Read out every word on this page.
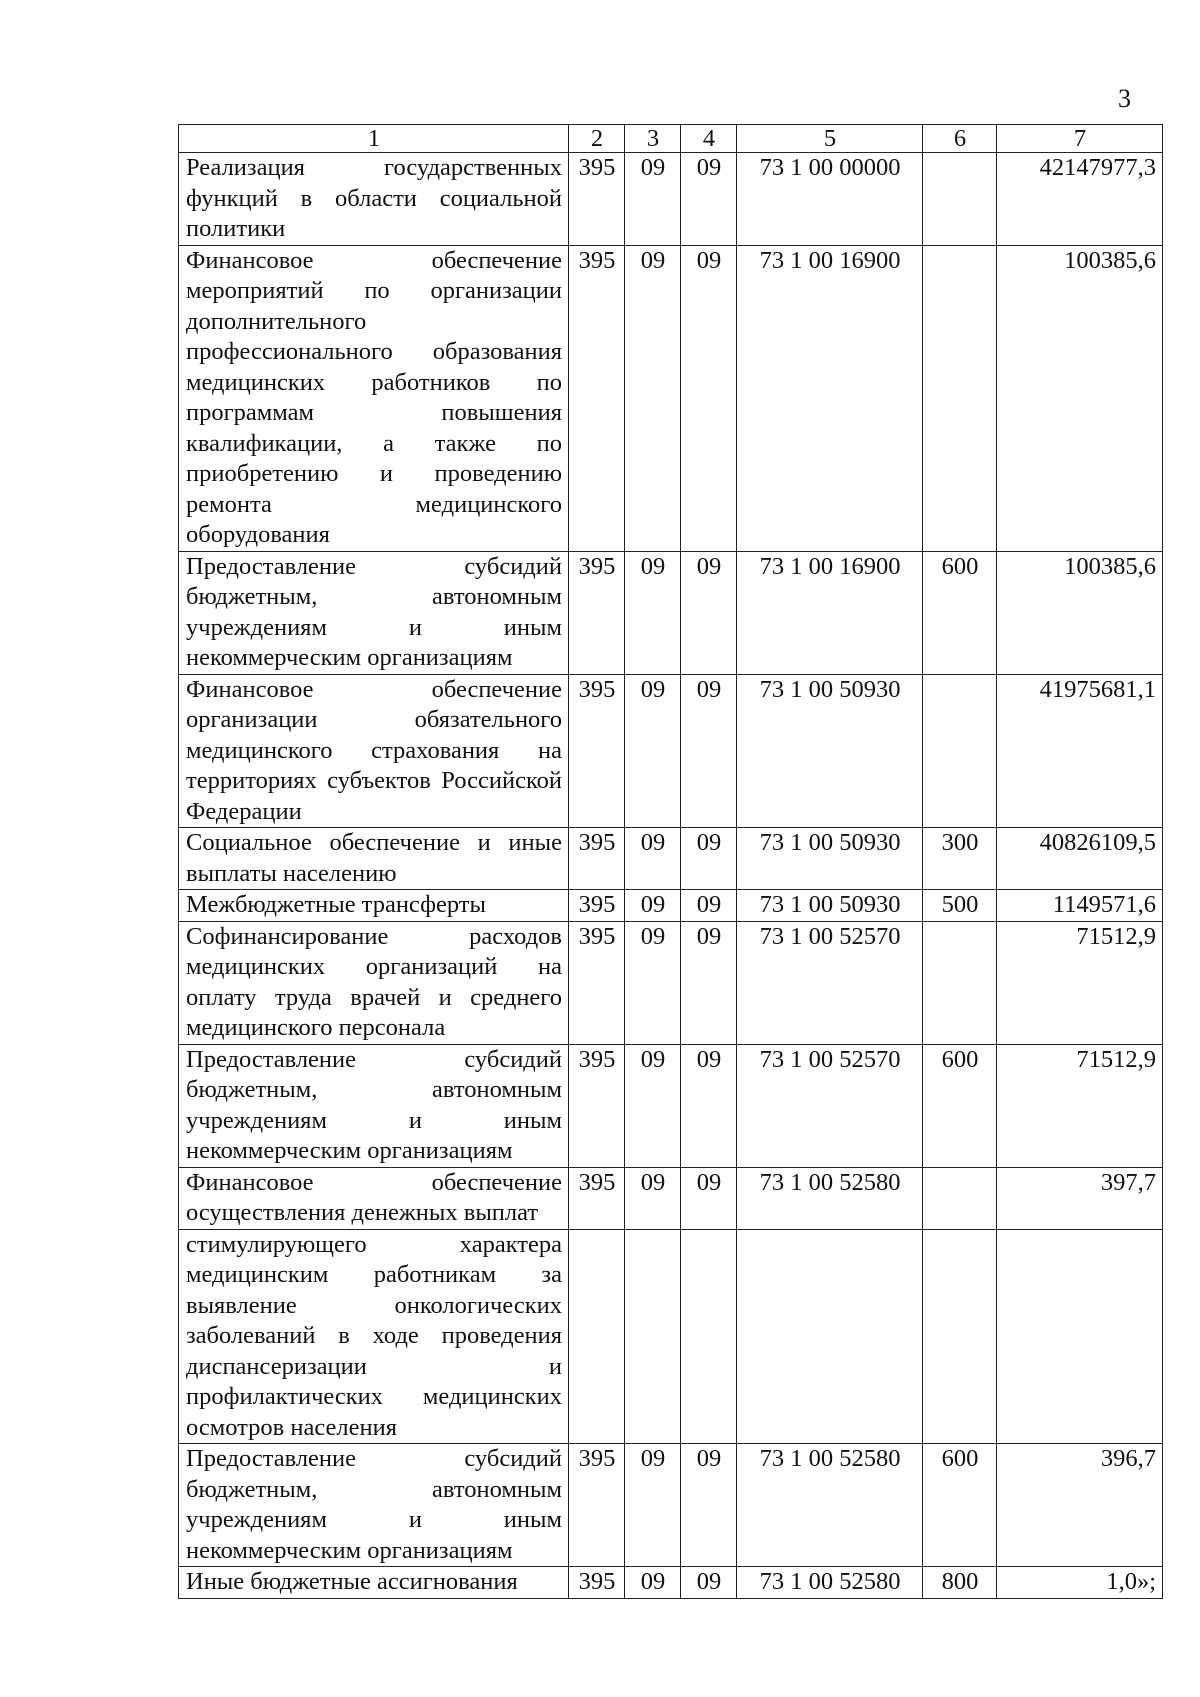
3
1	2	3	4	5	6	7
Реализация государственных функций в области социальной политики	395	09	09	73 1 00 00000		42147977,3
Финансовое обеспечение мероприятий по организации дополнительного профессионального образования медицинских работников по программам повышения квалификации, а также по приобретению и проведению ремонта медицинского оборудования	395	09	09	73 1 00 16900		100385,6
Предоставление субсидий бюджетным, автономным учреждениям и иным некоммерческим организациям	395	09	09	73 1 00 16900	600	100385,6
Финансовое обеспечение организации обязательного медицинского страхования на территориях субъектов Российской Федерации	395	09	09	73 1 00 50930		41975681,1
Социальное обеспечение и иные выплаты населению	395	09	09	73 1 00 50930	300	40826109,5
Межбюджетные трансферты	395	09	09	73 1 00 50930	500	1149571,6
Софинансирование расходов медицинских организаций на оплату труда врачей и среднего медицинского персонала	395	09	09	73 1 00 52570		71512,9
Предоставление субсидий бюджетным, автономным учреждениям и иным некоммерческим организациям	395	09	09	73 1 00 52570	600	71512,9
Финансовое обеспечение осуществления денежных выплат	395	09	09	73 1 00 52580		397,7
стимулирующего характера медицинским работникам за выявление онкологических заболеваний в ходе проведения диспансеризации и профилактических медицинских осмотров населения						
Предоставление субсидий бюджетным, автономным учреждениям и иным некоммерческим организациям	395	09	09	73 1 00 52580	600	396,7
Иные бюджетные ассигнования	395	09	09	73 1 00 52580	800	1,0»;
